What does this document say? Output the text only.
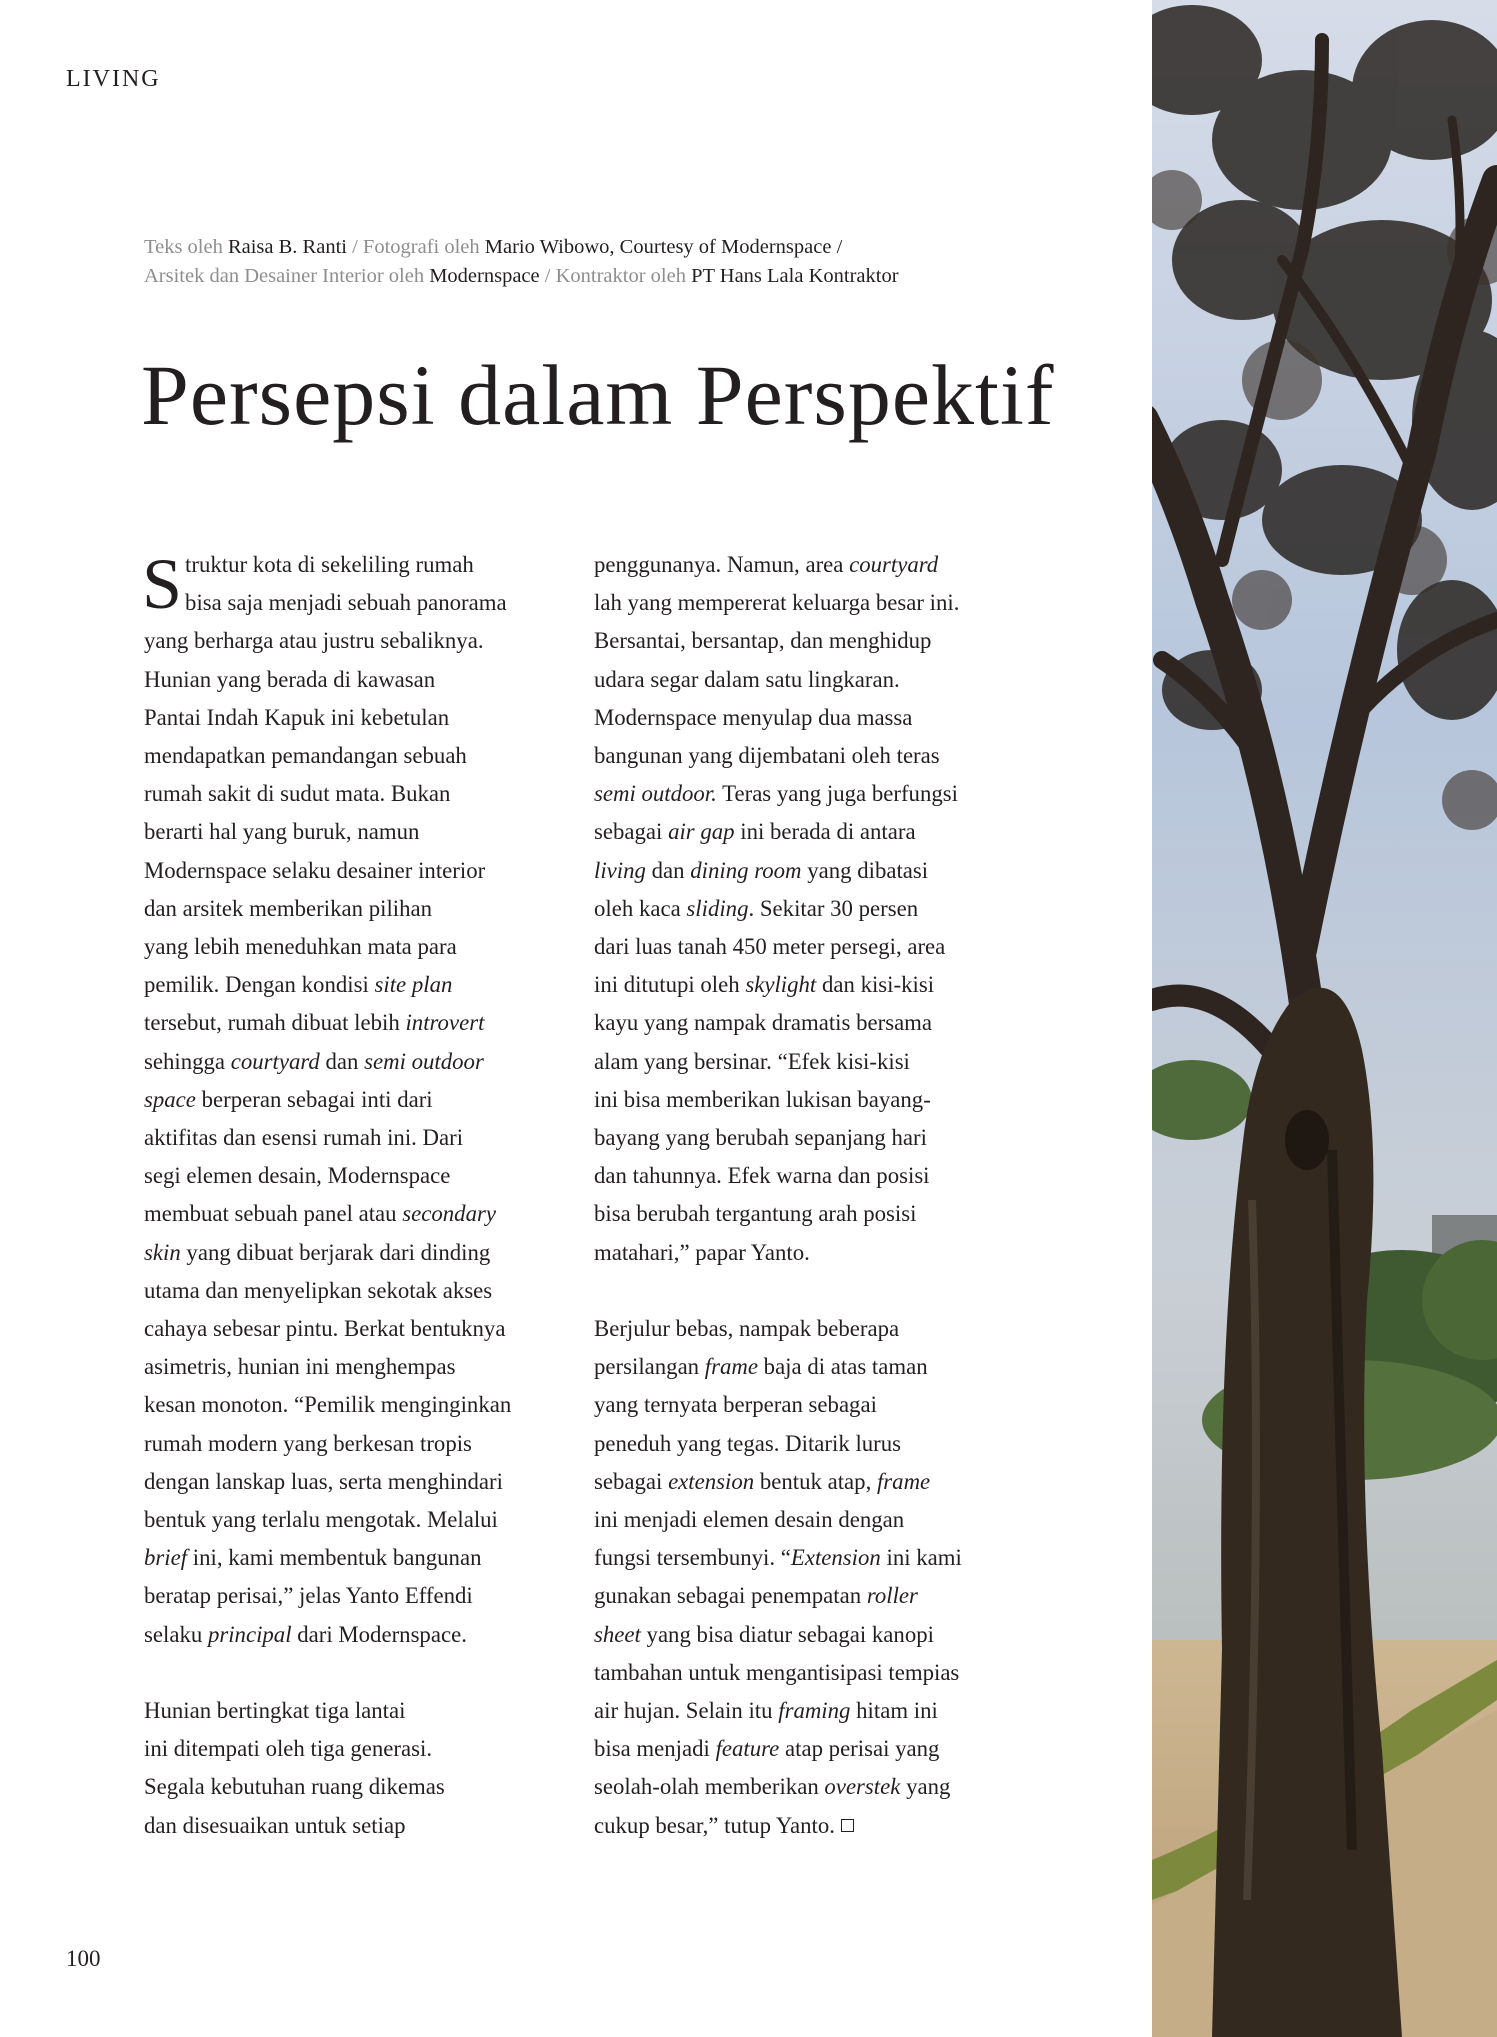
LIVING
Teks oleh Raisa B. Ranti / Fotografi oleh Mario Wibowo, Courtesy of Modernspace /
Arsitek dan Desainer Interior oleh Modernspace / Kontraktor oleh PT Hans Lala Kontraktor
Persepsi dalam Perspektif
S truktur kota di sekeliling rumah

bisa saja menjadi sebuah panorama

yang berharga atau justru sebaliknya.

Hunian yang berada di kawasan

Pantai Indah Kapuk ini kebetulan

mendapatkan pemandangan sebuah

rumah sakit di sudut mata. Bukan

berarti hal yang buruk, namun

Modernspace selaku desainer interior

dan arsitek memberikan pilihan

yang lebih meneduhkan mata para

pemilik. Dengan kondisi site plan

tersebut, rumah dibuat lebih introvert

sehingga courtyard dan semi outdoor

space berperan sebagai inti dari

aktifitas dan esensi rumah ini. Dari

segi elemen desain, Modernspace

membuat sebuah panel atau secondary

skin yang dibuat berjarak dari dinding

utama dan menyelipkan sekotak akses

cahaya sebesar pintu. Berkat bentuknya

asimetris, hunian ini menghempas

kesan monoton. “Pemilik menginginkan

rumah modern yang berkesan tropis

dengan lanskap luas, serta menghindari

bentuk yang terlalu mengotak. Melalui

brief ini, kami membentuk bangunan

beratap perisai,” jelas Yanto Effendi

selaku principal dari Modernspace.

Hunian bertingkat tiga lantai

ini ditempati oleh tiga generasi.

Segala kebutuhan ruang dikemas

dan disesuaikan untuk setiap

penggunanya. Namun, area courtyard

lah yang mempererat keluarga besar ini.

Bersantai, bersantap, dan menghidup

udara segar dalam satu lingkaran.

Modernspace menyulap dua massa

bangunan yang dijembatani oleh teras

semi outdoor. Teras yang juga berfungsi

sebagai air gap ini berada di antara

living dan dining room yang dibatasi

oleh kaca sliding. Sekitar 30 persen

dari luas tanah 450 meter persegi, area

ini ditutupi oleh skylight dan kisi-kisi

kayu yang nampak dramatis bersama

alam yang bersinar. “Efek kisi-kisi

ini bisa memberikan lukisan bayang-

bayang yang berubah sepanjang hari

dan tahunnya. Efek warna dan posisi

bisa berubah tergantung arah posisi

matahari,” papar Yanto.

Berjulur bebas, nampak beberapa

persilangan frame baja di atas taman

yang ternyata berperan sebagai

peneduh yang tegas. Ditarik lurus

sebagai extension bentuk atap, frame

ini menjadi elemen desain dengan

fungsi tersembunyi. “Extension ini kami

gunakan sebagai penempatan roller

sheet yang bisa diatur sebagai kanopi

tambahan untuk mengantisipasi tempias

air hujan. Selain itu framing hitam ini

bisa menjadi feature atap perisai yang

seolah-olah memberikan overstek yang

cukup besar,” tutup Yanto.

100
